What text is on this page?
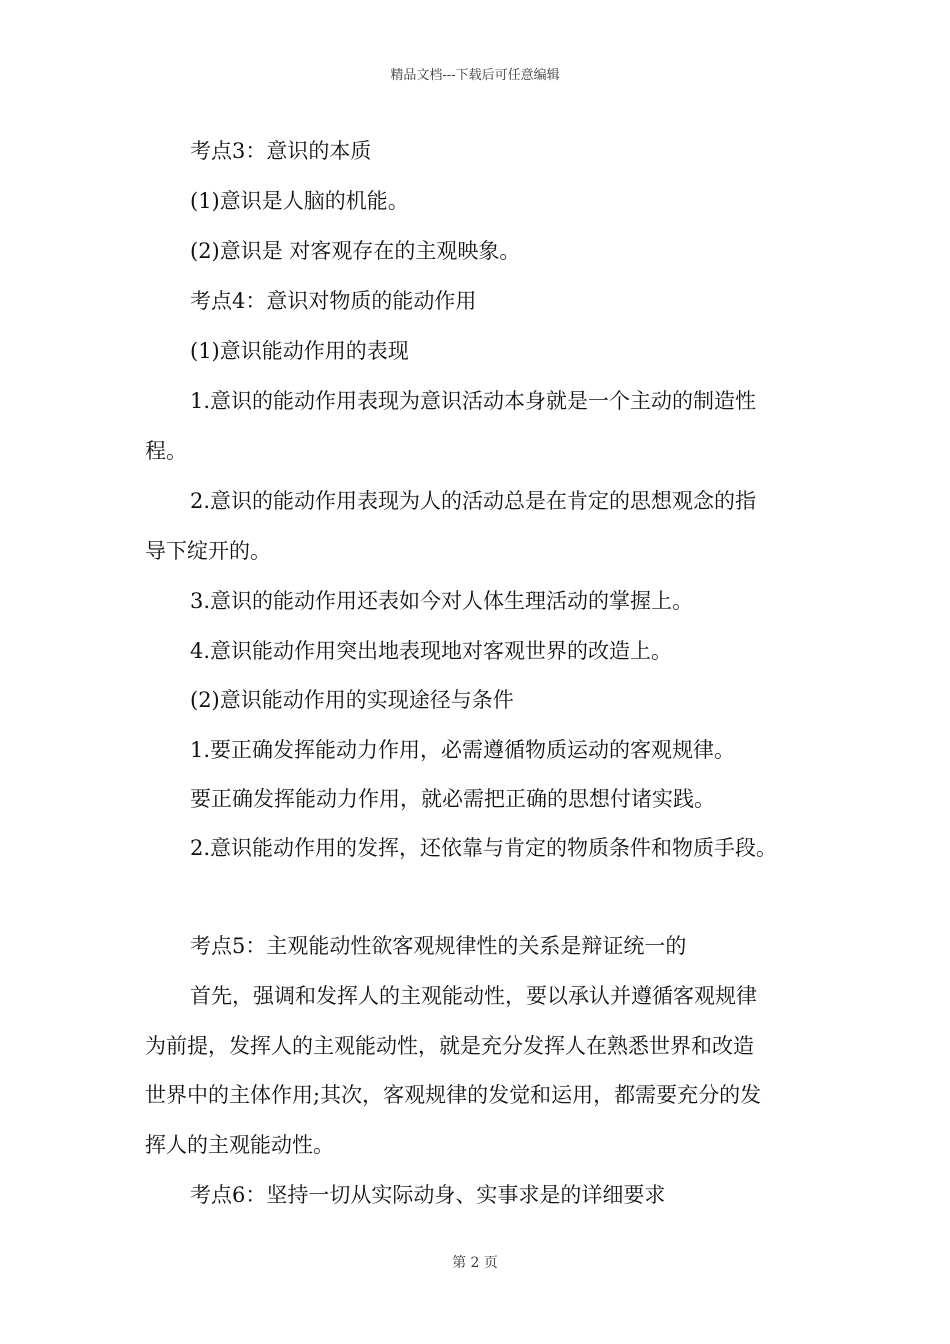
精品文档---下载后可任意编辑
考点3：意识的本质
(1)意识是人脑的机能。
(2)意识是 对客观存在的主观映象。
考点4：意识对物质的能动作用
(1)意识能动作用的表现
1.意识的能动作用表现为意识活动本身就是一个主动的制造性
程。
2.意识的能动作用表现为人的活动总是在肯定的思想观念的指
导下绽开的。
3.意识的能动作用还表如今对人体生理活动的掌握上。
4.意识能动作用突出地表现地对客观世界的改造上。
(2)意识能动作用的实现途径与条件
1.要正确发挥能动力作用，必需遵循物质运动的客观规律。
要正确发挥能动力作用，就必需把正确的思想付诸实践。
2.意识能动作用的发挥，还依靠与肯定的物质条件和物质手段。
考点5：主观能动性欲客观规律性的关系是辩证统一的
首先，强调和发挥人的主观能动性，要以承认并遵循客观规律
为前提，发挥人的主观能动性，就是充分发挥人在熟悉世界和改造
世界中的主体作用;其次，客观规律的发觉和运用，都需要充分的发
挥人的主观能动性。
考点6：坚持一切从实际动身、实事求是的详细要求
第 2 页
